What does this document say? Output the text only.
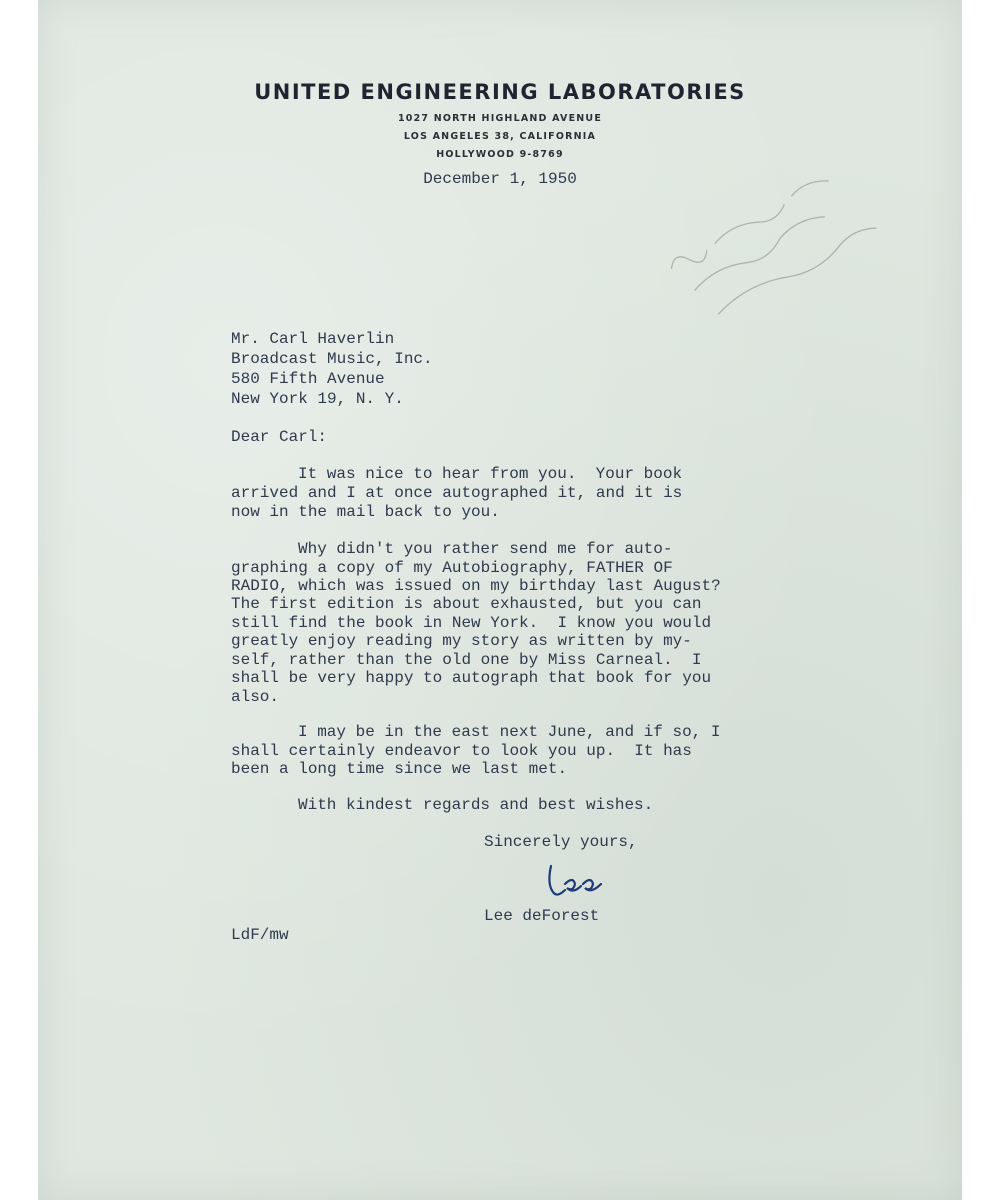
UNITED ENGINEERING LABORATORIES

1027 NORTH HIGHLAND AVENUE

LOS ANGELES 38, CALIFORNIA

HOLLYWOOD 9-8769

December 1, 1950

Mr. Carl Haverlin

Broadcast Music, Inc.

580 Fifth Avenue

New York 19, N. Y.

Dear Carl:

It was nice to hear from you.  Your book

arrived and I at once autographed it, and it is

now in the mail back to you.

Why didn't you rather send me for auto-

graphing a copy of my Autobiography, FATHER OF

RADIO, which was issued on my birthday last August?

The first edition is about exhausted, but you can

still find the book in New York.  I know you would

greatly enjoy reading my story as written by my-

self, rather than the old one by Miss Carneal.  I

shall be very happy to autograph that book for you

also.

I may be in the east next June, and if so, I

shall certainly endeavor to look you up.  It has

been a long time since we last met.

With kindest regards and best wishes.

Sincerely yours,

Lee deForest

LdF/mw
